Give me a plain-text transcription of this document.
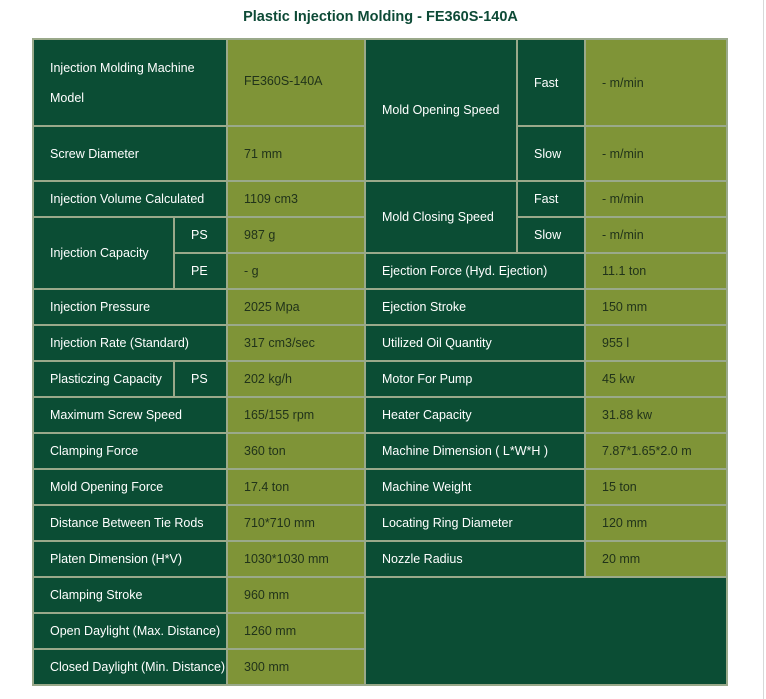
Plastic Injection Molding - FE360S-140A
Injection Molding Machine Model		FE360S-140A	Mold Opening Speed	Fast	- m/min
Screw Diameter		71 mm		Slow	- m/min
Injection Volume Calculated		1109 cm3	Mold Closing Speed	Fast	- m/min
Injection Capacity	PS	987 g		Slow	- m/min
	PE	- g	Ejection Force (Hyd. Ejection)		11.1 ton
Injection Pressure		2025 Mpa	Ejection Stroke		150 mm
Injection Rate (Standard)		317 cm3/sec	Utilized Oil Quantity		955 l
Plasticzing Capacity	PS	202 kg/h	Motor For Pump		45 kw
Maximum Screw Speed		165/155 rpm	Heater Capacity		31.88 kw
Clamping Force		360 ton	Machine Dimension ( L*W*H )		7.87*1.65*2.0 m
Mold Opening Force		17.4 ton	Machine Weight		15 ton
Distance Between Tie Rods		710*710 mm	Locating Ring Diameter		120 mm
Platen Dimension (H*V)		1030*1030 mm	Nozzle Radius		20 mm
Clamping Stroke		960 mm			
Open Daylight (Max. Distance)		1260 mm			
Closed Daylight (Min. Distance)		300 mm			
